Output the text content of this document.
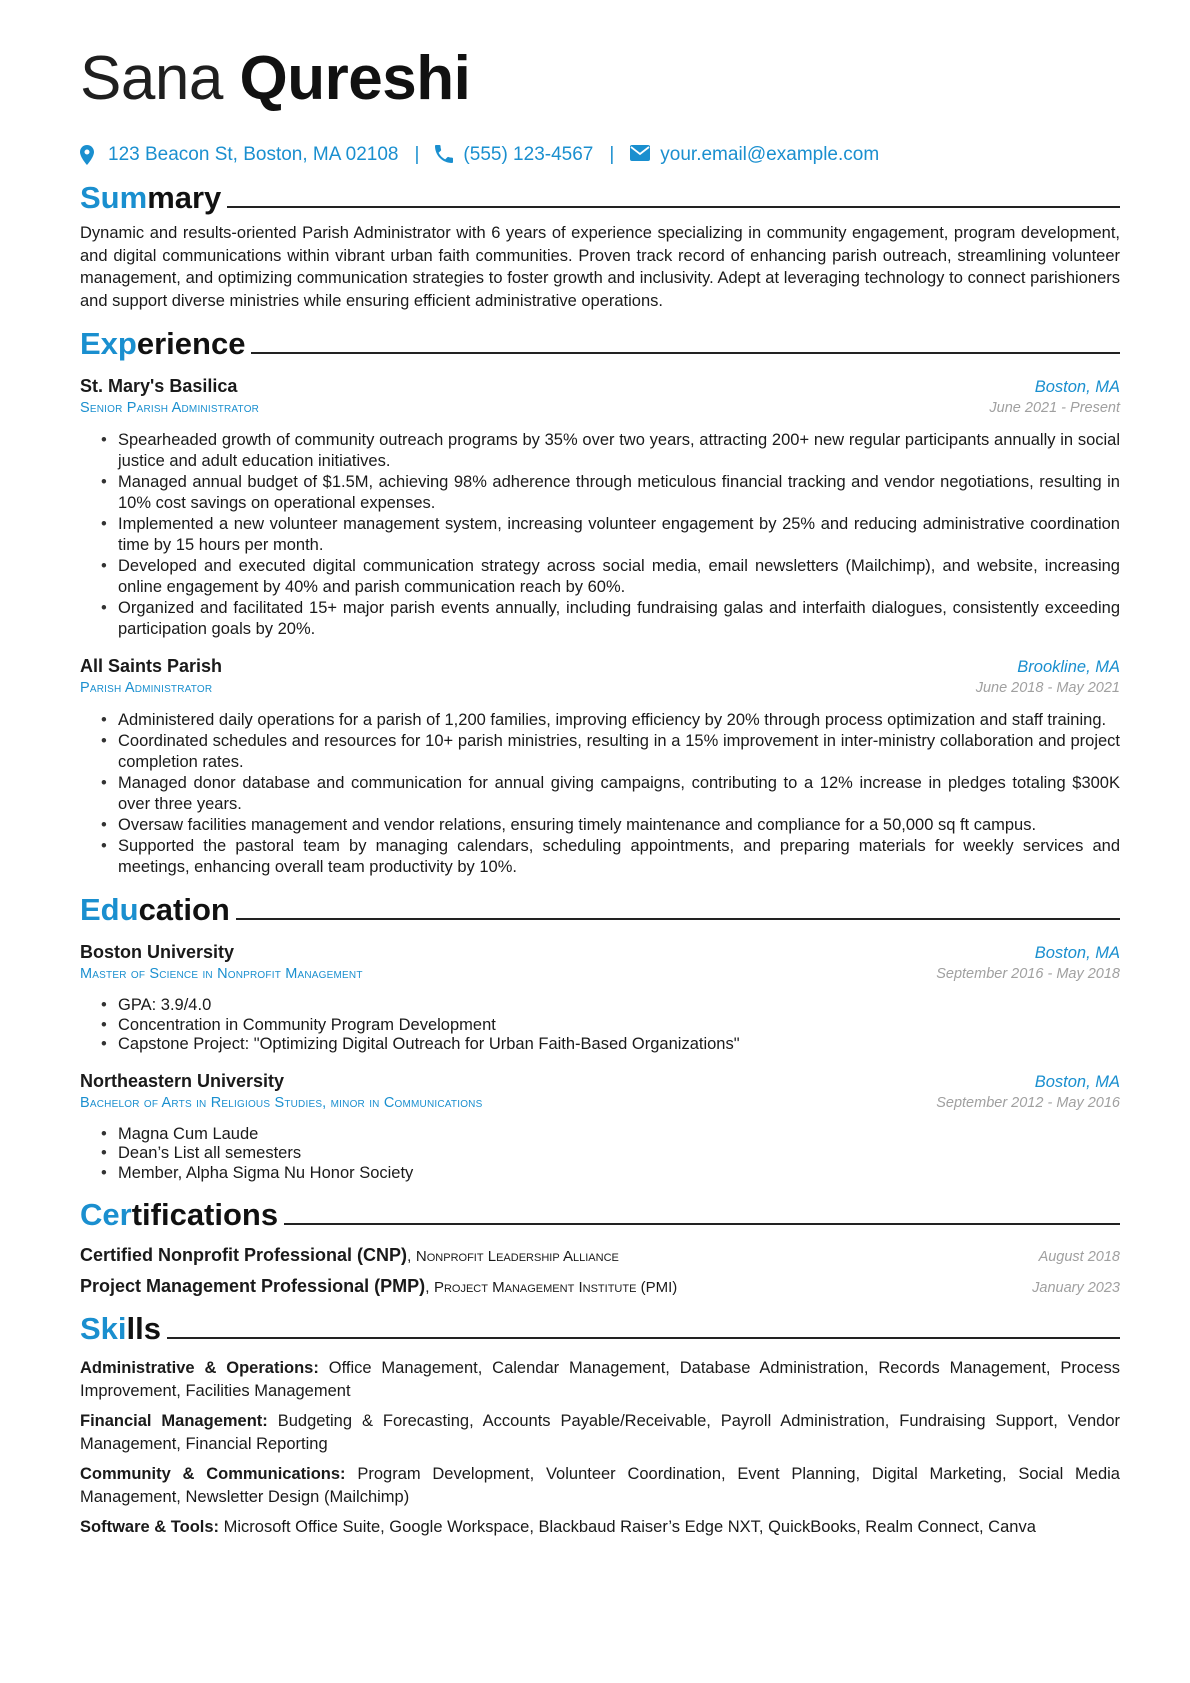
Sana Qureshi
123 Beacon St, Boston, MA 02108 | (555) 123-4567 | your.email@example.com
Summary
Dynamic and results-oriented Parish Administrator with 6 years of experience specializing in community engagement, program development, and digital communications within vibrant urban faith communities. Proven track record of enhancing parish outreach, streamlining volunteer management, and optimizing communication strategies to foster growth and inclusivity. Adept at leveraging technology to connect parishioners and support diverse ministries while ensuring efficient administrative operations.
Experience
St. Mary's Basilica	Boston, MA
Senior Parish Administrator	June 2021 - Present
• Spearheaded growth of community outreach programs by 35% over two years, attracting 200+ new regular participants annually in social justice and adult education initiatives.
• Managed annual budget of $1.5M, achieving 98% adherence through meticulous financial tracking and vendor negotiations, resulting in 10% cost savings on operational expenses.
• Implemented a new volunteer management system, increasing volunteer engagement by 25% and reducing administrative coordination time by 15 hours per month.
• Developed and executed digital communication strategy across social media, email newsletters (Mailchimp), and website, increasing online engagement by 40% and parish communication reach by 60%.
• Organized and facilitated 15+ major parish events annually, including fundraising galas and interfaith dialogues, consistently exceeding participation goals by 20%.
All Saints Parish	Brookline, MA
Parish Administrator	June 2018 - May 2021
• Administered daily operations for a parish of 1,200 families, improving efficiency by 20% through process optimization and staff training.
• Coordinated schedules and resources for 10+ parish ministries, resulting in a 15% improvement in inter-ministry collaboration and project completion rates.
• Managed donor database and communication for annual giving campaigns, contributing to a 12% increase in pledges totaling $300K over three years.
• Oversaw facilities management and vendor relations, ensuring timely maintenance and compliance for a 50,000 sq ft campus.
• Supported the pastoral team by managing calendars, scheduling appointments, and preparing materials for weekly services and meetings, enhancing overall team productivity by 10%.
Education
Boston University	Boston, MA
Master of Science in Nonprofit Management	September 2016 - May 2018
• GPA: 3.9/4.0
• Concentration in Community Program Development
• Capstone Project: "Optimizing Digital Outreach for Urban Faith-Based Organizations"
Northeastern University	Boston, MA
Bachelor of Arts in Religious Studies, minor in Communications	September 2012 - May 2016
• Magna Cum Laude
• Dean’s List all semesters
• Member, Alpha Sigma Nu Honor Society
Certifications
Certified Nonprofit Professional (CNP), Nonprofit Leadership Alliance	August 2018
Project Management Professional (PMP), Project Management Institute (PMI)	January 2023
Skills
Administrative & Operations: Office Management, Calendar Management, Database Administration, Records Management, Process Improvement, Facilities Management
Financial Management: Budgeting & Forecasting, Accounts Payable/Receivable, Payroll Administration, Fundraising Support, Vendor Management, Financial Reporting
Community & Communications: Program Development, Volunteer Coordination, Event Planning, Digital Marketing, Social Media Management, Newsletter Design (Mailchimp)
Software & Tools: Microsoft Office Suite, Google Workspace, Blackbaud Raiser’s Edge NXT, QuickBooks, Realm Connect, Canva
